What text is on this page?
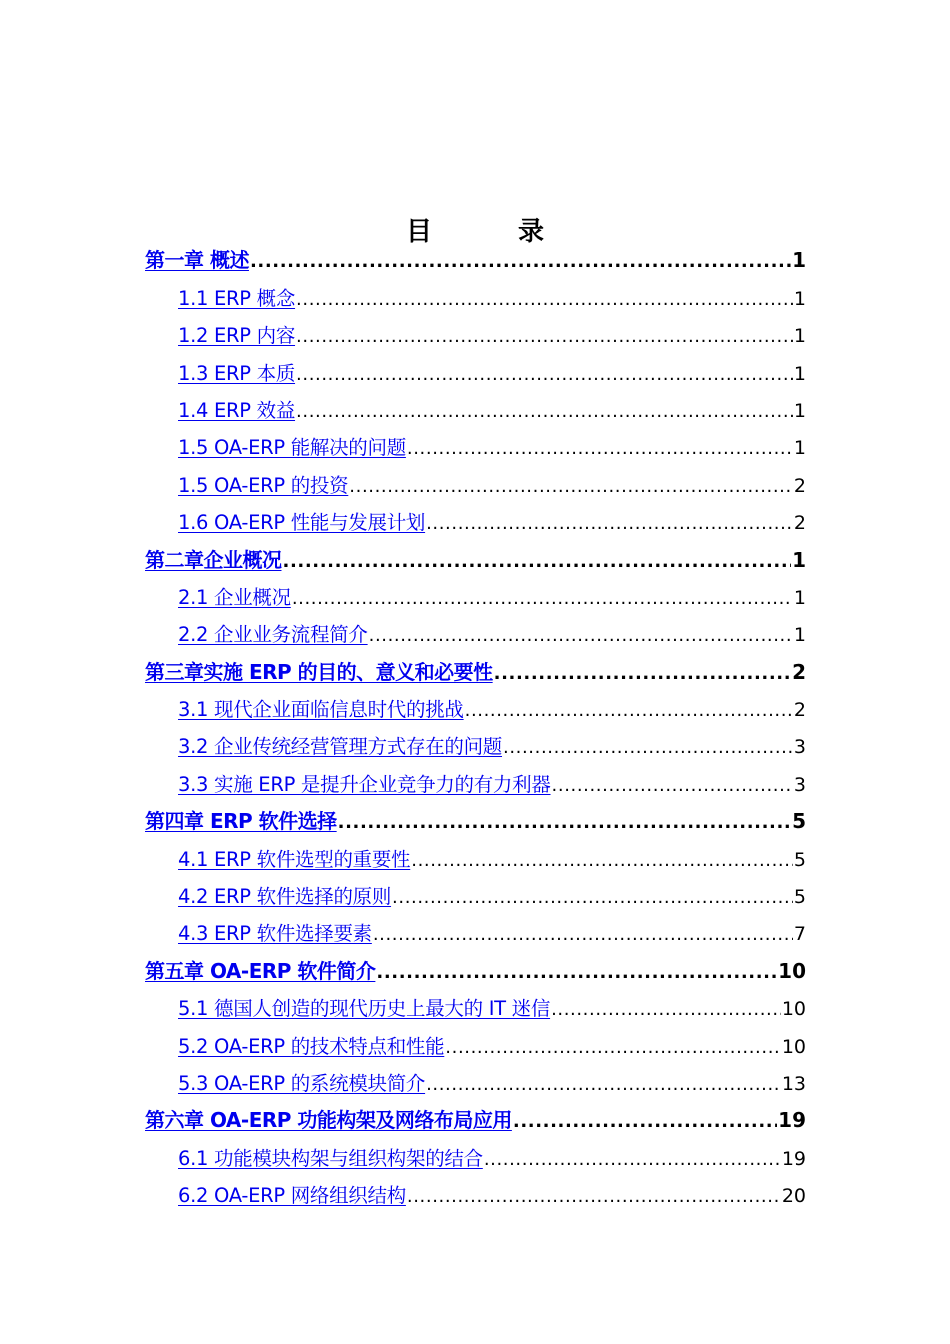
目　录
第一章 概述 .....	1
1.1 ERP 概念 .....	1
1.2 ERP 内容 .....	1
1.3 ERP 本质 .....	1
1.4 ERP 效益 .....	1
1.5 OA-ERP 能解决的问题 .....	1
1.5 OA-ERP 的投资 .....	2
1.6 OA-ERP 性能与发展计划 .....	2
第二章企业概况 .....	1
2.1 企业概况 .....	1
2.2 企业业务流程简介 .....	1
第三章实施 ERP 的目的、意义和必要性 .....	2
3.1 现代企业面临信息时代的挑战 .....	2
3.2 企业传统经营管理方式存在的问题 .....	3
3.3 实施 ERP 是提升企业竞争力的有力利器 .....	3
第四章 ERP 软件选择 .....	5
4.1 ERP 软件选型的重要性 .....	5
4.2 ERP 软件选择的原则 .....	5
4.3 ERP 软件选择要素 .....	7
第五章 OA-ERP 软件简介 .....	10
5.1 德国人创造的现代历史上最大的 IT 迷信 .....	10
5.2 OA-ERP 的技术特点和性能 .....	10
5.3 OA-ERP 的系统模块简介 .....	13
第六章 OA-ERP 功能构架及网络布局应用 .....	19
6.1 功能模块构架与组织构架的结合 .....	19
6.2 OA-ERP 网络组织结构 .....	20
